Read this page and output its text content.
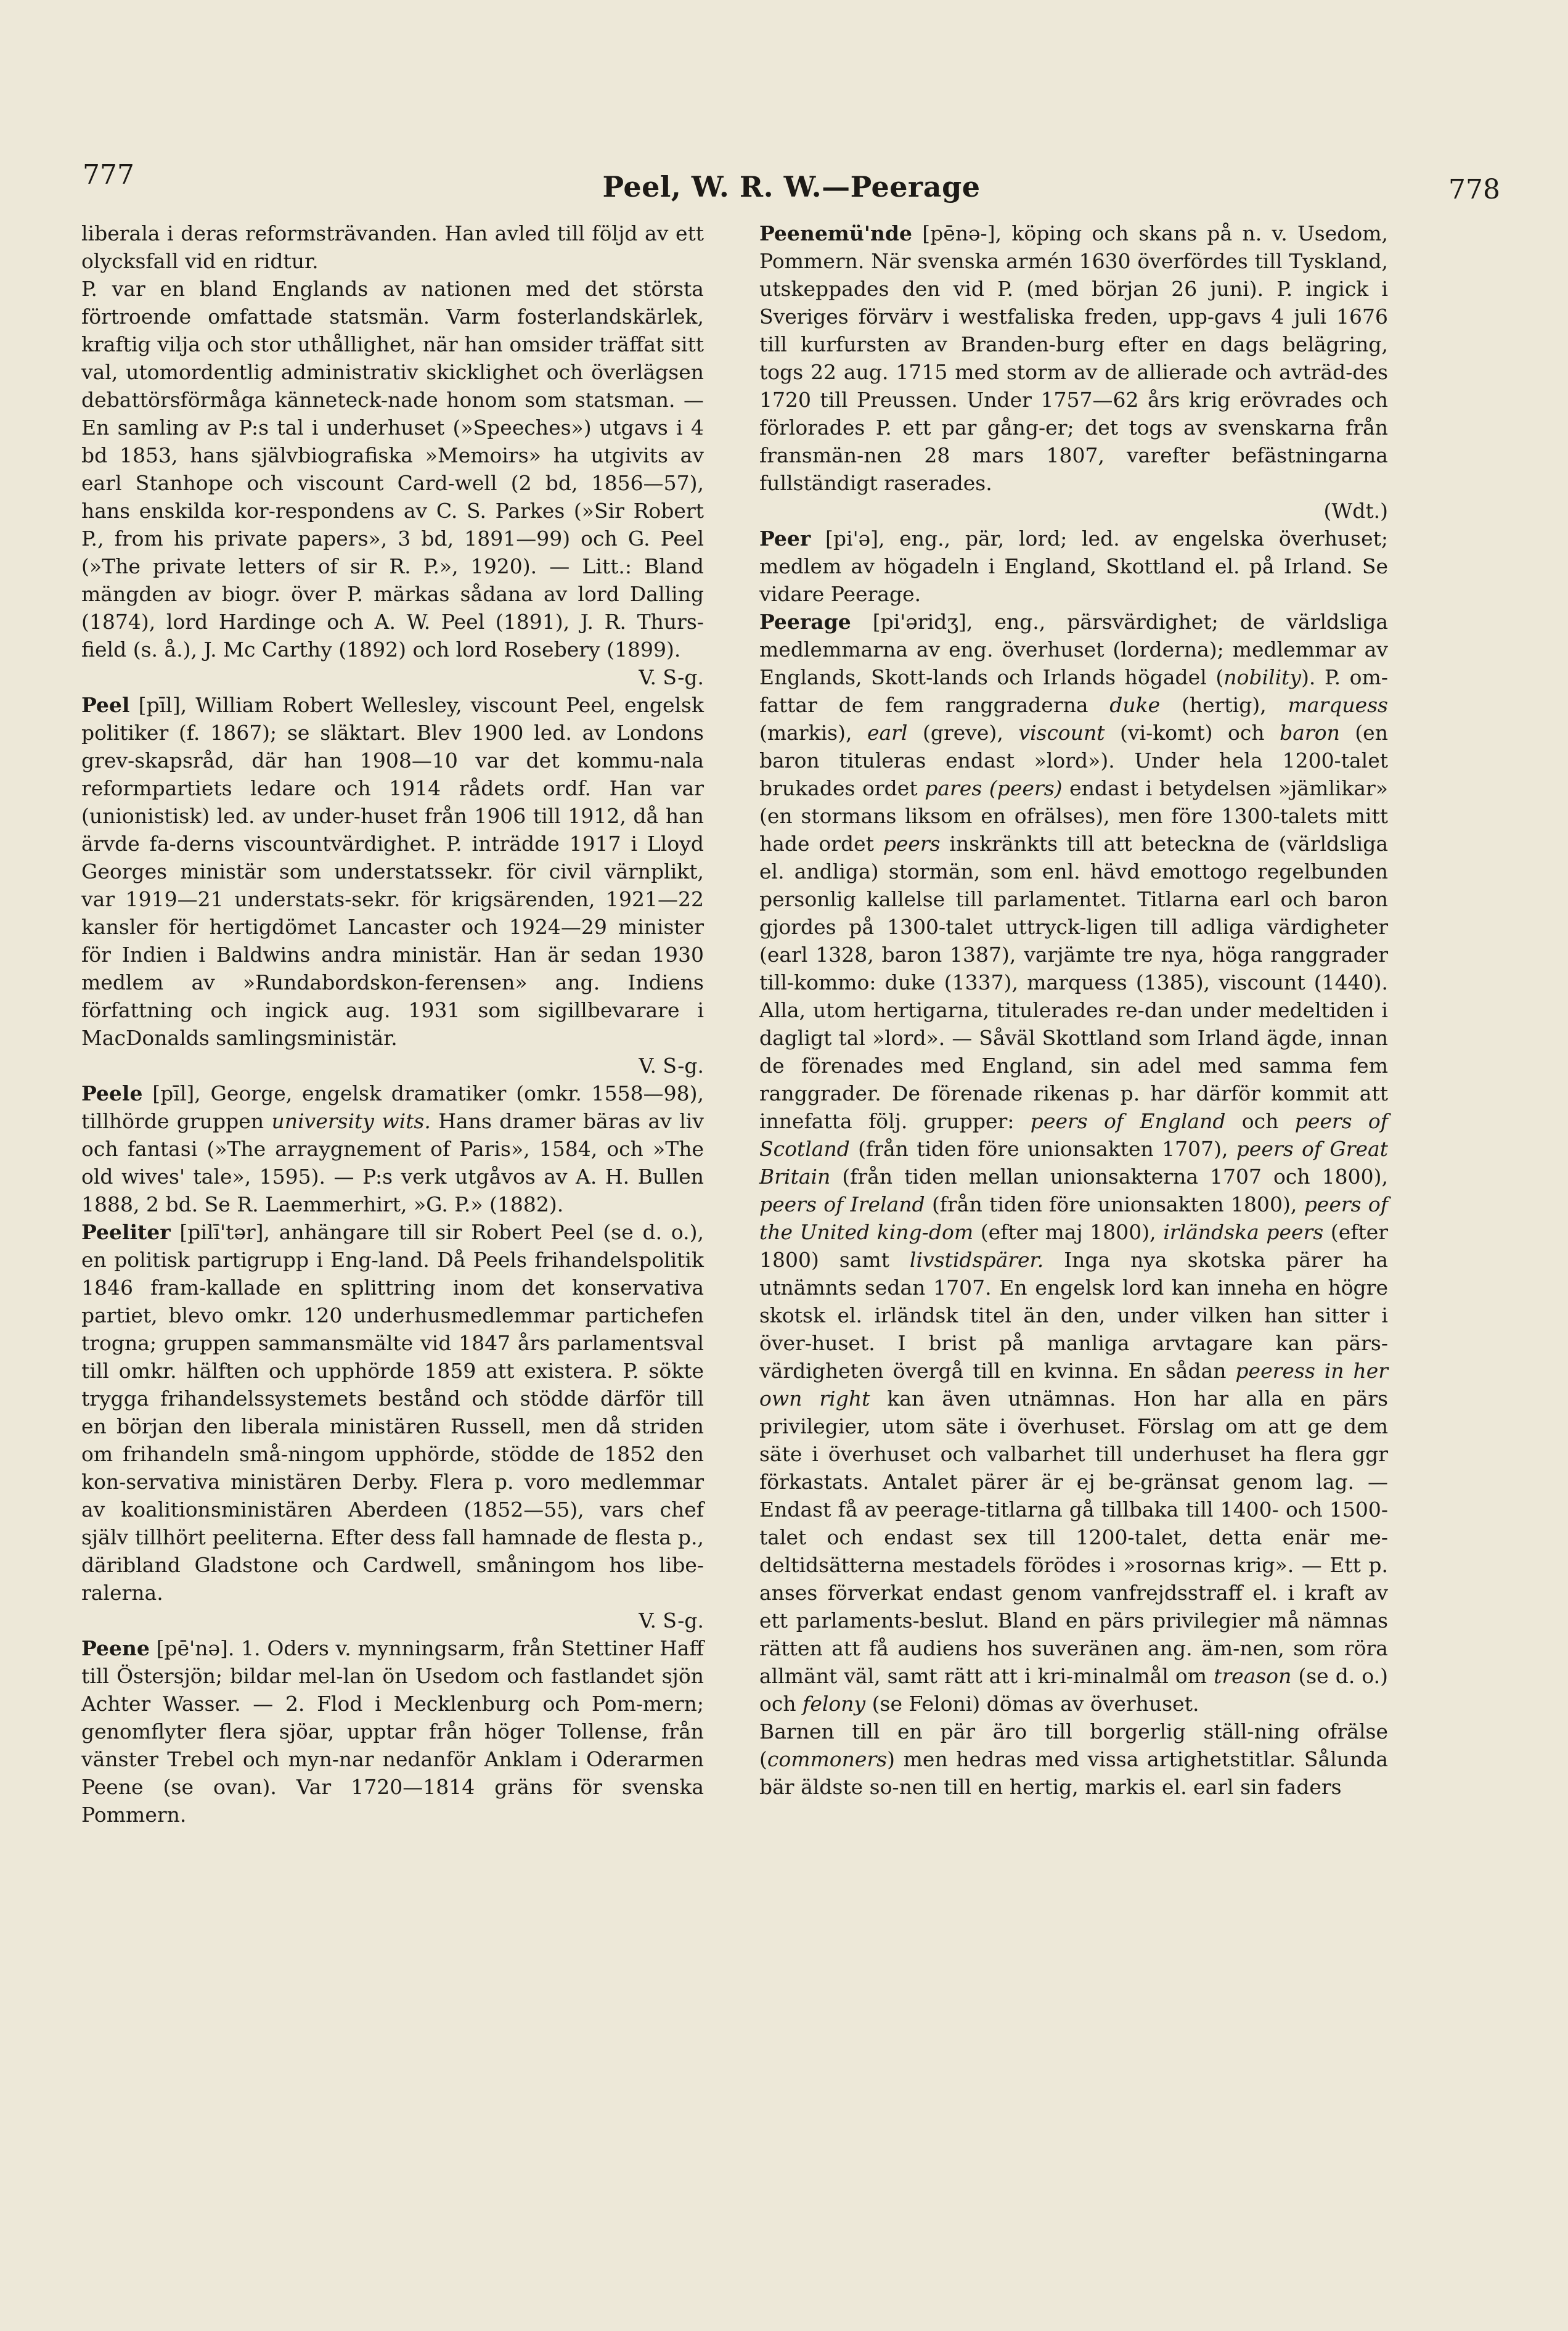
777	Peel, W. R. W.—Peerage	778

liberala i deras reformsträvanden. Han avled till följd av ett olycksfall vid en ridtur.

P. var en bland Englands av nationen med det största förtroende omfattade statsmän. Varm fosterlandskärlek, kraftig vilja och stor uthållighet, när han omsider träffat sitt val, utomordentlig administrativ skicklighet och överlägsen debattörsförmåga känneteck-nade honom som statsman. — En samling av P:s tal i underhuset (»Speeches») utgavs i 4 bd 1853, hans självbiografiska »Memoirs» ha utgivits av earl Stanhope och viscount Card-well (2 bd, 1856—57), hans enskilda kor-respondens av C. S. Parkes (»Sir Robert P., from his private papers», 3 bd, 1891—99) och G. Peel (»The private letters of sir R. P.», 1920). — Litt.: Bland mängden av biogr. över P. märkas sådana av lord Dalling (1874), lord Hardinge och A. W. Peel (1891), J. R. Thurs-field (s. å.), J. Mc Carthy (1892) och lord Rosebery (1899).
V. S-g.

Peel [pīl], William Robert Wellesley, viscount Peel, engelsk politiker (f. 1867); se släktart. Blev 1900 led. av Londons grev-skapsråd, där han 1908—10 var det kommu-nala reformpartiets ledare och 1914 rådets ordf. Han var (unionistisk) led. av under-huset från 1906 till 1912, då han ärvde fa-derns viscountvärdighet. P. inträdde 1917 i Lloyd Georges ministär som understatssekr. för civil värnplikt, var 1919—21 understats-sekr. för krigsärenden, 1921—22 kansler för hertigdömet Lancaster och 1924—29 minister för Indien i Baldwins andra ministär. Han är sedan 1930 medlem av »Rundabordskon-ferensen» ang. Indiens författning och ingick aug. 1931 som sigillbevarare i MacDonalds samlingsministär.
V. S-g.

Peele [pīl], George, engelsk dramatiker (omkr. 1558—98), tillhörde gruppen university wits. Hans dramer bäras av liv och fantasi (»The arraygnement of Paris», 1584, och »The old wives' tale», 1595). — P:s verk utgåvos av A. H. Bullen 1888, 2 bd. Se R. Laemmerhirt, »G. P.» (1882).

Peeliter [pilī'tər], anhängare till sir Robert Peel (se d. o.), en politisk partigrupp i Eng-land. Då Peels frihandelspolitik 1846 fram-kallade en splittring inom det konservativa partiet, blevo omkr. 120 underhusmedlemmar partichefen trogna; gruppen sammansmälte vid 1847 års parlamentsval till omkr. hälften och upphörde 1859 att existera. P. sökte trygga frihandelssystemets bestånd och stödde därför till en början den liberala ministären Russell, men då striden om frihandeln små-ningom upphörde, stödde de 1852 den kon-servativa ministären Derby. Flera p. voro medlemmar av koalitionsministären Aberdeen (1852—55), vars chef själv tillhört peeliterna. Efter dess fall hamnade de flesta p., däribland Gladstone och Cardwell, småningom hos libe-ralerna.
V. S-g.

Peene [pē'nə]. 1. Oders v. mynningsarm, från Stettiner Haff till Östersjön; bildar mel-lan ön Usedom och fastlandet sjön Achter Wasser. — 2. Flod i Mecklenburg och Pom-mern; genomflyter flera sjöar, upptar från höger Tollense, från vänster Trebel och myn-nar nedanför Anklam i Oderarmen Peene (se ovan). Var 1720—1814 gräns för svenska Pommern.

Peenemü'nde [pēnə-], köping och skans på n. v. Usedom, Pommern. När svenska armén 1630 överfördes till Tyskland, utskeppades den vid P. (med början 26 juni). P. ingick i Sveriges förvärv i westfaliska freden, upp-gavs 4 juli 1676 till kurfursten av Branden-burg efter en dags belägring, togs 22 aug. 1715 med storm av de allierade och avträd-des 1720 till Preussen. Under 1757—62 års krig erövrades och förlorades P. ett par gång-er; det togs av svenskarna från fransmän-nen 28 mars 1807, varefter befästningarna fullständigt raserades.
(Wdt.)

Peer [pi'ə], eng., pär, lord; led. av engelska överhuset; medlem av högadeln i England, Skottland el. på Irland. Se vidare Peerage.

Peerage [pi'əridʒ], eng., pärsvärdighet; de världsliga medlemmarna av eng. överhuset (lorderna); medlemmar av Englands, Skott-lands och Irlands högadel (nobility). P. om-fattar de fem ranggraderna duke (hertig), marquess (markis), earl (greve), viscount (vi-komt) och baron (en baron tituleras endast »lord»). Under hela 1200-talet brukades ordet pares (peers) endast i betydelsen »jämlikar» (en stormans liksom en ofrälses), men före 1300-talets mitt hade ordet peers inskränkts till att beteckna de (världsliga el. andliga) stormän, som enl. hävd emottogo regelbunden personlig kallelse till parlamentet. Titlarna earl och baron gjordes på 1300-talet uttryck-ligen till adliga värdigheter (earl 1328, baron 1387), varjämte tre nya, höga ranggrader till-kommo: duke (1337), marquess (1385), viscount (1440). Alla, utom hertigarna, titulerades re-dan under medeltiden i dagligt tal »lord». — Såväl Skottland som Irland ägde, innan de förenades med England, sin adel med samma fem ranggrader. De förenade rikenas p. har därför kommit att innefatta följ. grupper: peers of England och peers of Scotland (från tiden före unionsakten 1707), peers of Great Britain (från tiden mellan unionsakterna 1707 och 1800), peers of Ireland (från tiden före unionsakten 1800), peers of the United king-dom (efter maj 1800), irländska peers (efter 1800) samt livstidspärer. Inga nya skotska pärer ha utnämnts sedan 1707. En engelsk lord kan inneha en högre skotsk el. irländsk titel än den, under vilken han sitter i över-huset. I brist på manliga arvtagare kan pärs-värdigheten övergå till en kvinna. En sådan peeress in her own right kan även utnämnas. Hon har alla en pärs privilegier, utom säte i överhuset. Förslag om att ge dem säte i överhuset och valbarhet till underhuset ha flera ggr förkastats. Antalet pärer är ej be-gränsat genom lag. — Endast få av peerage-titlarna gå tillbaka till 1400- och 1500-talet och endast sex till 1200-talet, detta enär me-deltidsätterna mestadels förödes i »rosornas krig». — Ett p. anses förverkat endast genom vanfrejdsstraff el. i kraft av ett parlaments-beslut. Bland en pärs privilegier må nämnas rätten att få audiens hos suveränen ang. äm-nen, som röra allmänt väl, samt rätt att i kri-minalmål om treason (se d. o.) och felony (se Feloni) dömas av överhuset.

Barnen till en pär äro till borgerlig ställ-ning ofrälse (commoners) men hedras med vissa artighetstitlar. Sålunda bär äldste so-nen till en hertig, markis el. earl sin faders
